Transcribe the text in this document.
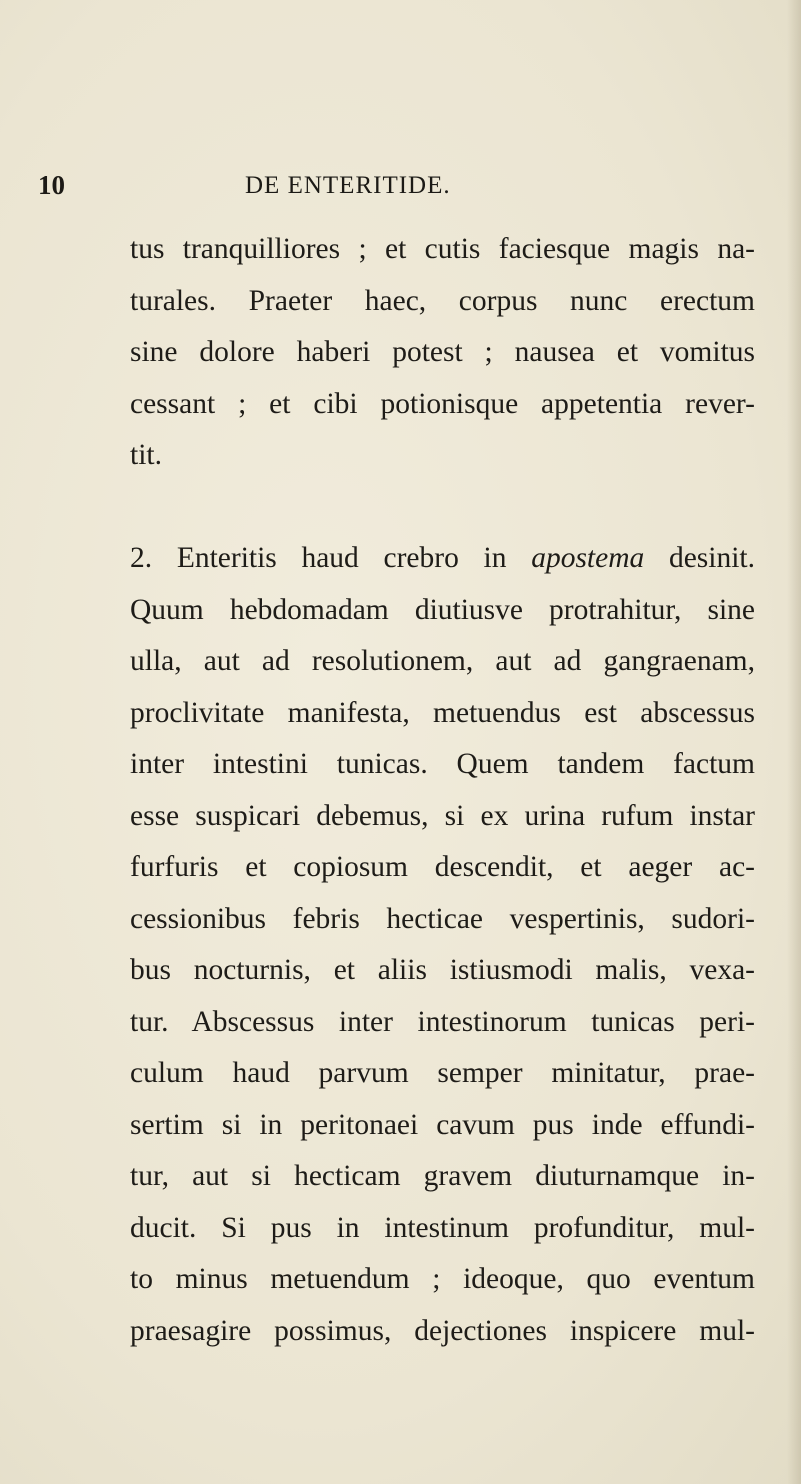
10	DE ENTERITIDE.
tus tranquilliores ; et cutis faciesque magis na-
turales. Praeter haec, corpus nunc erectum
sine dolore haberi potest ; nausea et vomitus
cessant ; et cibi potionisque appetentia rever-
tit.
2. Enteritis haud crebro in apostema desinit.
Quum hebdomadam diutiusve protrahitur, sine
ulla, aut ad resolutionem, aut ad gangraenam,
proclivitate manifesta, metuendus est abscessus
inter intestini tunicas. Quem tandem factum
esse suspicari debemus, si ex urina rufum instar
furfuris et copiosum descendit, et aeger ac-
cessionibus febris hecticae vespertinis, sudori-
bus nocturnis, et aliis istiusmodi malis, vexa-
tur. Abscessus inter intestinorum tunicas peri-
culum haud parvum semper minitatur, prae-
sertim si in peritonaei cavum pus inde effundi-
tur, aut si hecticam gravem diuturnamque in-
ducit. Si pus in intestinum profunditur, mul-
to minus metuendum ; ideoque, quo eventum
praesagire possimus, dejectiones inspicere mul-
